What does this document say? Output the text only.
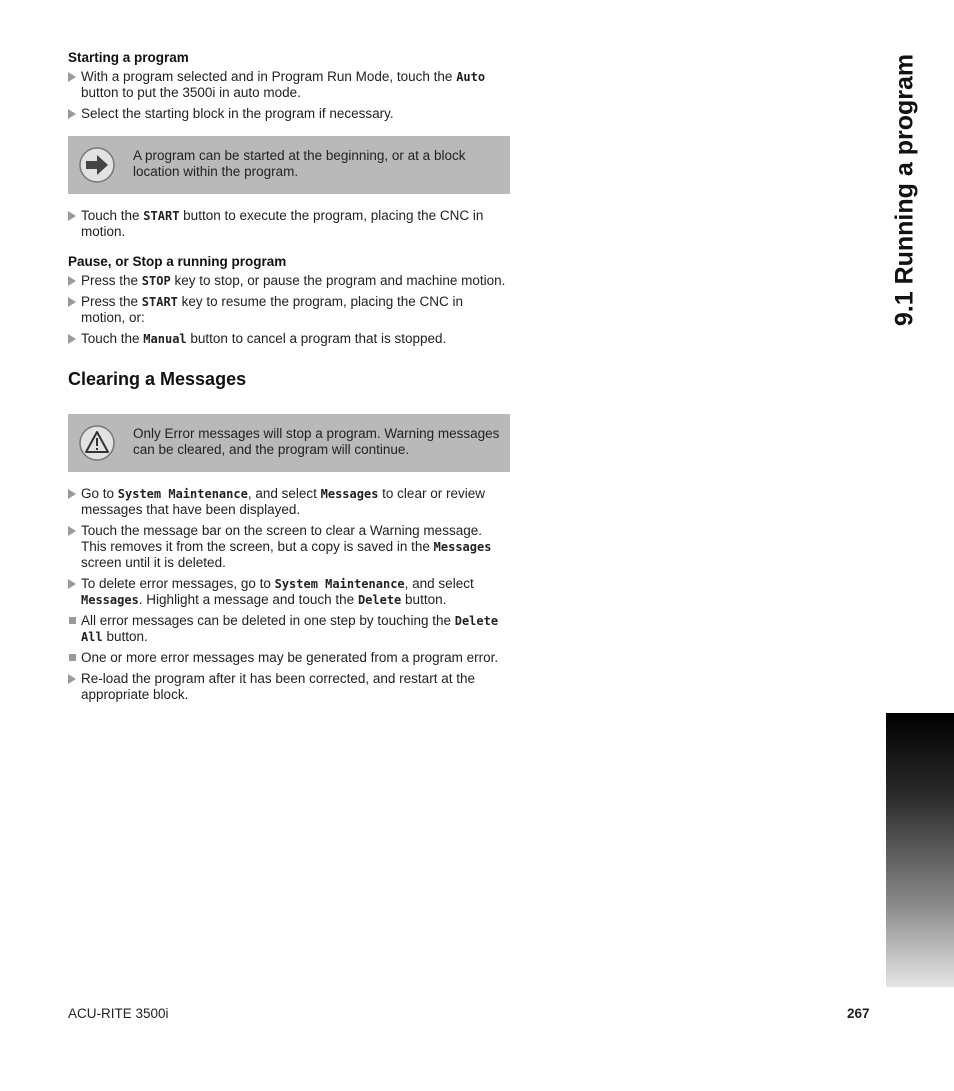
9.1 Running a program
Starting a program
With a program selected and in Program Run Mode, touch the Auto button to put the 3500i in auto mode.
Select the starting block in the program if necessary.
A program can be started at the beginning, or at a block location within the program.
Touch the START button to execute the program, placing the CNC in motion.
Pause, or Stop a running program
Press the STOP key to stop, or pause the program and machine motion.
Press the START key to resume the program, placing the CNC in motion, or:
Touch the Manual button to cancel a program that is stopped.
Clearing a Messages
Only Error messages will stop a program. Warning messages can be cleared, and the program will continue.
Go to System Maintenance, and select Messages to clear or review messages that have been displayed.
Touch the message bar on the screen to clear a Warning message. This removes it from the screen, but a copy is saved in the Messages screen until it is deleted.
To delete error messages, go to System Maintenance, and select Messages. Highlight a message and touch the Delete button.
All error messages can be deleted in one step by touching the Delete All button.
One or more error messages may be generated from a program error.
Re-load the program after it has been corrected, and restart at the appropriate block.
ACU-RITE 3500i	267
